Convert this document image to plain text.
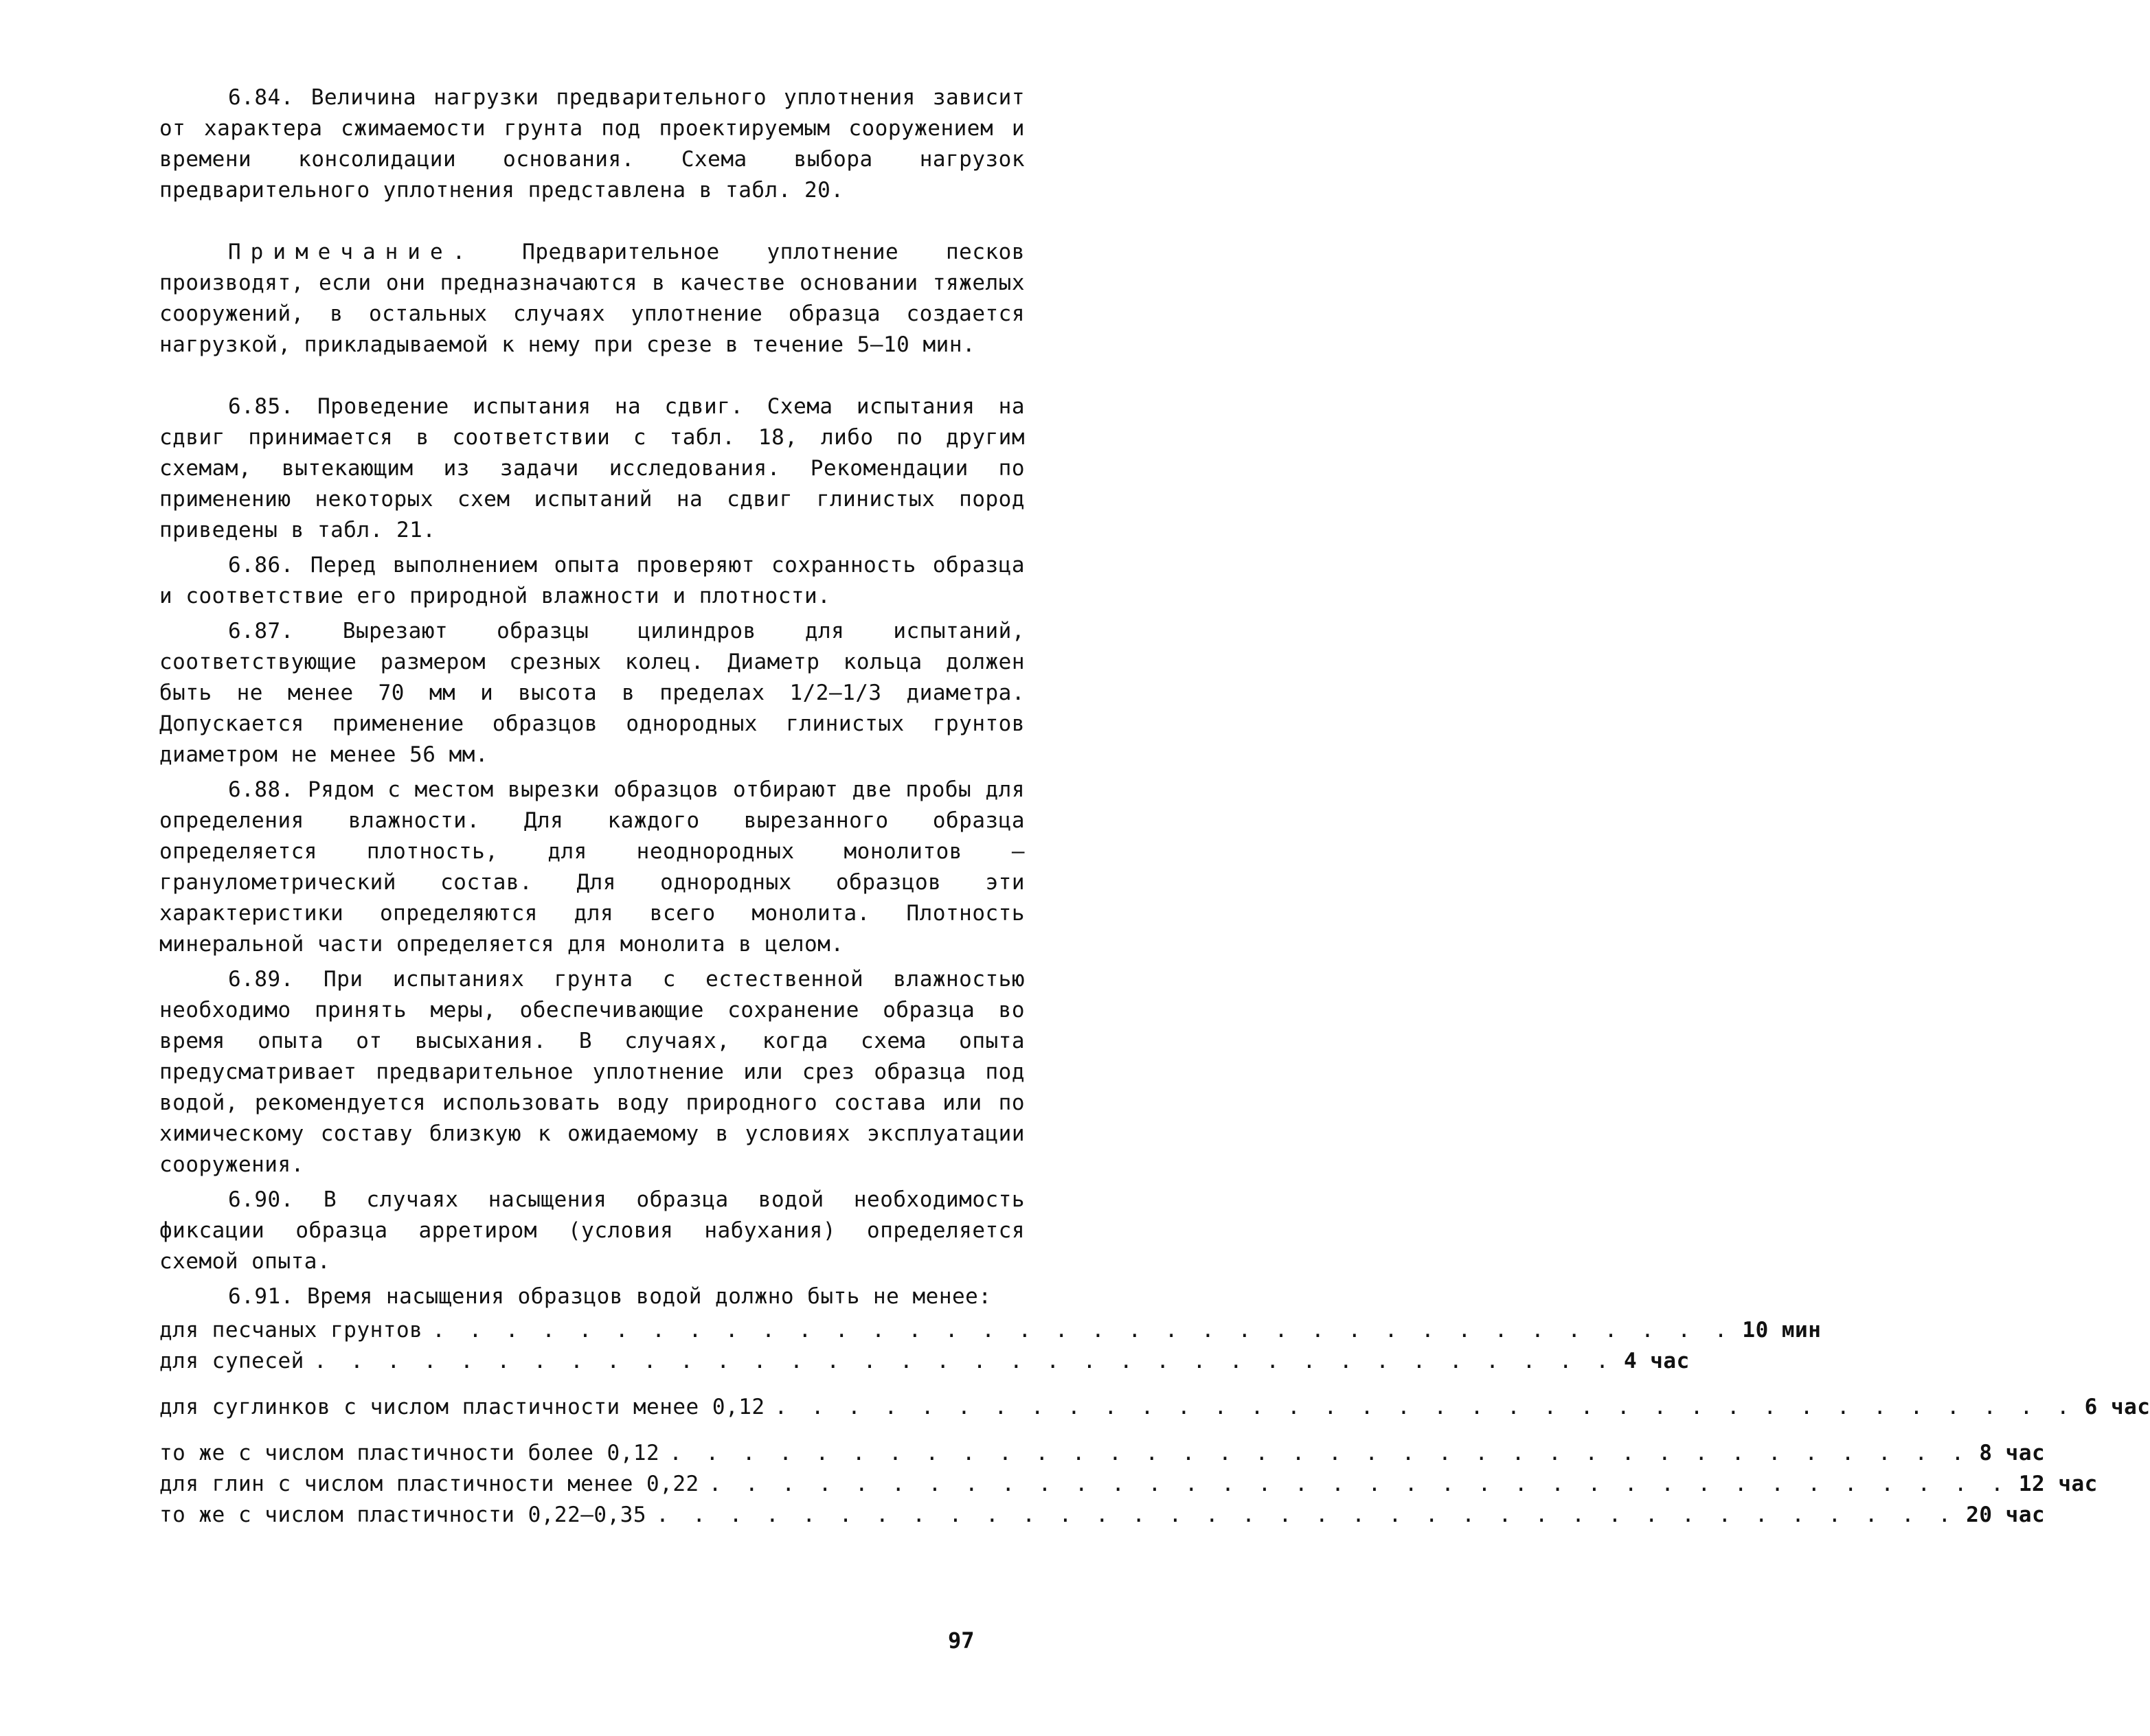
6.84. Величина нагрузки предварительного уплотнения зависит от характера сжимаемости грунта под проектируемым сооружением и времени консолидации основания. Схема выбора нагрузок предварительного уплотнения представлена в табл. 20.

Примечание. Предварительное уплотнение песков производят, если они предназначаются в качестве основании тяжелых сооружений, в остальных случаях уплотнение образца создается нагрузкой, прикладываемой к нему при срезе в течение 5–10 мин.

6.85. Проведение испытания на сдвиг. Схема испытания на сдвиг принимается в соответствии с табл. 18, либо по другим схемам, вытекающим из задачи исследования. Рекомендации по применению некоторых схем испытаний на сдвиг глинистых пород приведены в табл. 21.

6.86. Перед выполнением опыта проверяют сохранность образца и соответствие его природной влажности и плотности.

6.87. Вырезают образцы цилиндров для испытаний, соответствующие размером срезных колец. Диаметр кольца должен быть не менее 70 мм и высота в пределах 1/2–1/3 диаметра. Допускается применение образцов однородных глинистых грунтов диаметром не менее 56 мм.

6.88. Рядом с местом вырезки образцов отбирают две пробы для определения влажности. Для каждого вырезанного образца определяется плотность, для неоднородных монолитов – гранулометрический состав. Для однородных образцов эти характеристики определяются для всего монолита. Плотность минеральной части определяется для монолита в целом.

6.89. При испытаниях грунта с естественной влажностью необходимо принять меры, обеспечивающие сохранение образца во время опыта от высыхания. В случаях, когда схема опыта предусматривает предварительное уплотнение или срез образца под водой, рекомендуется использовать воду природного состава или по химическому составу близкую к ожидаемому в условиях эксплуатации сооружения.

6.90. В случаях насыщения образца водой необходимость фиксации образца арретиром (условия набухания) определяется схемой опыта.

6.91. Время насыщения образцов водой должно быть не менее:

для песчаных грунтов . . . . . . . . . . . . . . . . . . . . . . . . . . . . . . . . . . . . 10 мин
для супесей . . . . . . . . . . . . . . . . . . . . . . . . . . . . . . . . . . . . 4 час
для суглинков с числом пластичности менее 0,12 . . . . . . . . . . . . . . . . . . . . . . . . . . . . . . . . . . . . 6 час
то же с числом пластичности более 0,12 . . . . . . . . . . . . . . . . . . . . . . . . . . . . . . . . . . . . 8 час
для глин с числом пластичности менее 0,22 . . . . . . . . . . . . . . . . . . . . . . . . . . . . . . . . . . . . 12 час
то же с числом пластичности 0,22–0,35 . . . . . . . . . . . . . . . . . . . . . . . . . . . . . . . . . . . . 20 час
97
